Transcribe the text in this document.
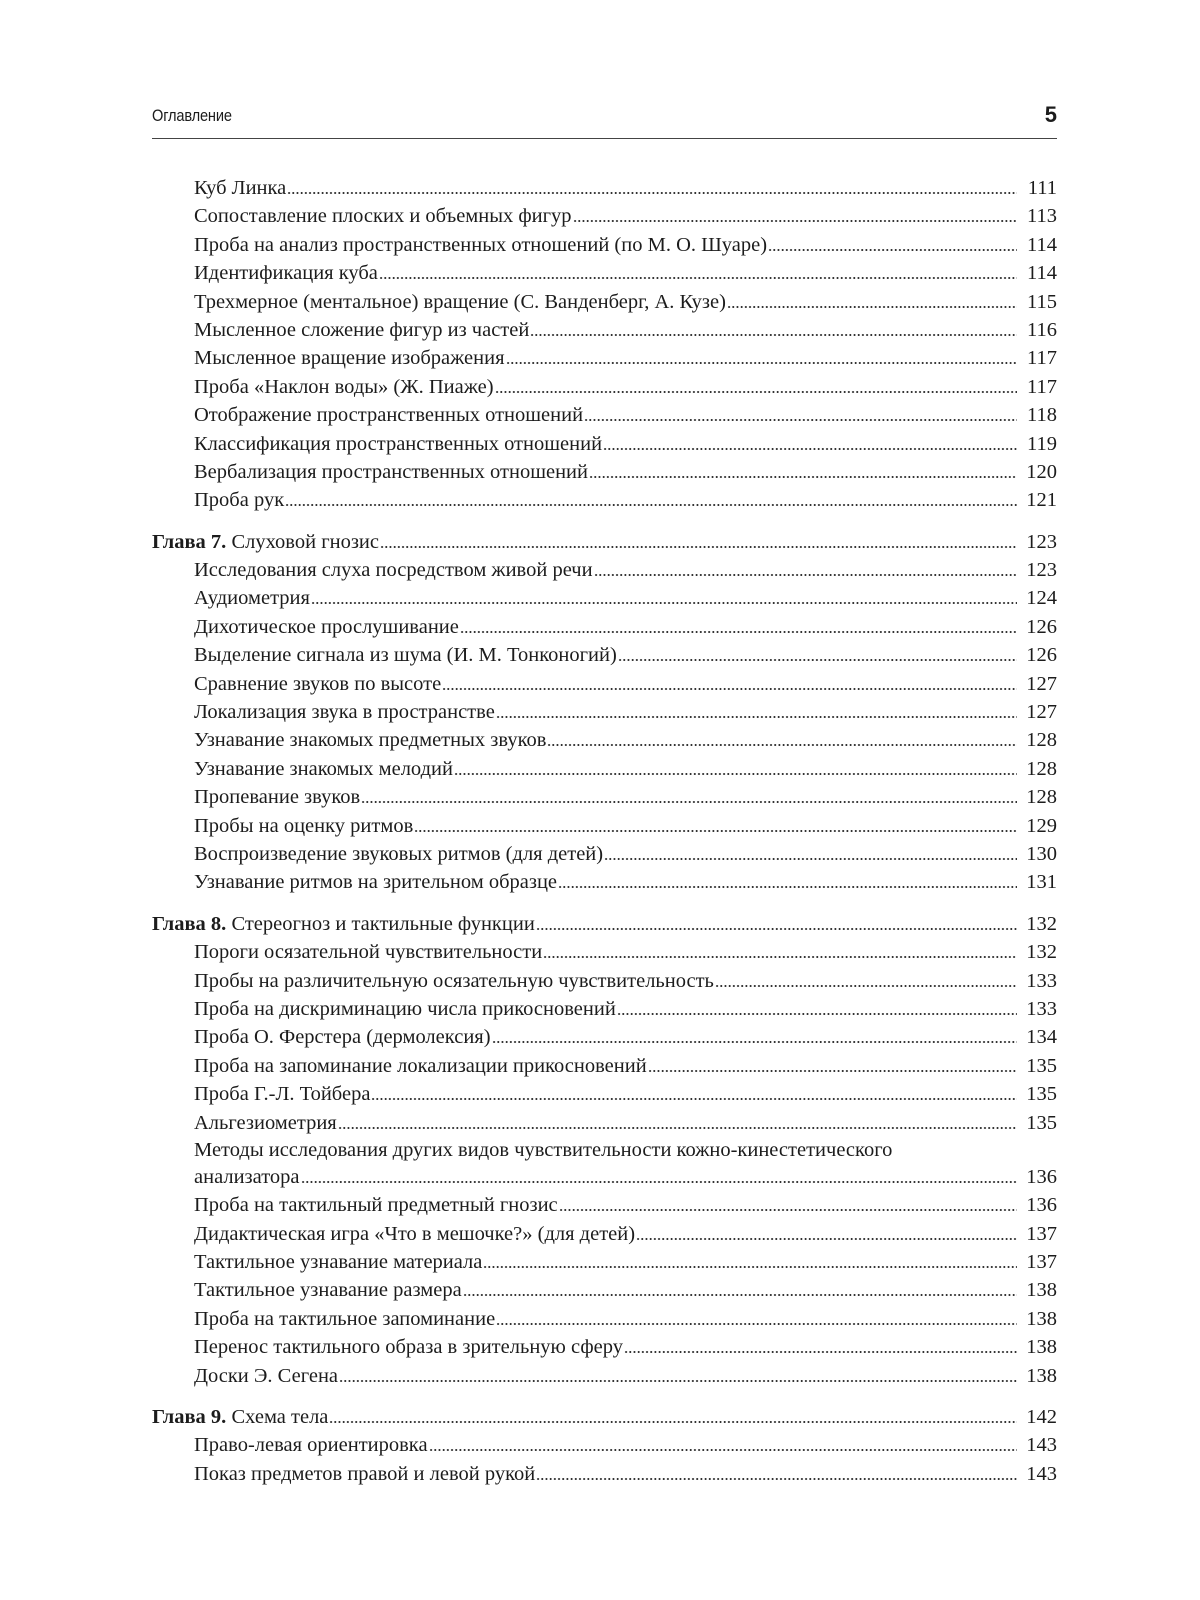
Оглавление	5
Куб Линка	111
Сопоставление плоских и объемных фигур	113
Проба на анализ пространственных отношений (по М. О. Шуаре)	114
Идентификация куба	114
Трехмерное (ментальное) вращение (С. Ванденберг, А. Кузе)	115
Мысленное сложение фигур из частей	116
Мысленное вращение изображения	117
Проба «Наклон воды» (Ж. Пиаже)	117
Отображение пространственных отношений	118
Классификация пространственных отношений	119
Вербализация пространственных отношений	120
Проба рук	121
Глава 7. Слуховой гнозис	123
Исследования слуха посредством живой речи	123
Аудиометрия	124
Дихотическое прослушивание	126
Выделение сигнала из шума (И. М. Тонконогий)	126
Сравнение звуков по высоте	127
Локализация звука в пространстве	127
Узнавание знакомых предметных звуков	128
Узнавание знакомых мелодий	128
Пропевание звуков	128
Пробы на оценку ритмов	129
Воспроизведение звуковых ритмов (для детей)	130
Узнавание ритмов на зрительном образце	131
Глава 8. Стереогноз и тактильные функции	132
Пороги осязательной чувствительности	132
Пробы на различительную осязательную чувствительность	133
Проба на дискриминацию числа прикосновений	133
Проба О. Ферстера (дермолексия)	134
Проба на запоминание локализации прикосновений	135
Проба Г.-Л. Тойбера	135
Альгезиометрия	135
Методы исследования других видов чувствительности кожно-кинестетического
анализатора	136
Проба на тактильный предметный гнозис	136
Дидактическая игра «Что в мешочке?» (для детей)	137
Тактильное узнавание материала	137
Тактильное узнавание размера	138
Проба на тактильное запоминание	138
Перенос тактильного образа в зрительную сферу	138
Доски Э. Сегена	138
Глава 9. Схема тела	142
Право-левая ориентировка	143
Показ предметов правой и левой рукой	143
